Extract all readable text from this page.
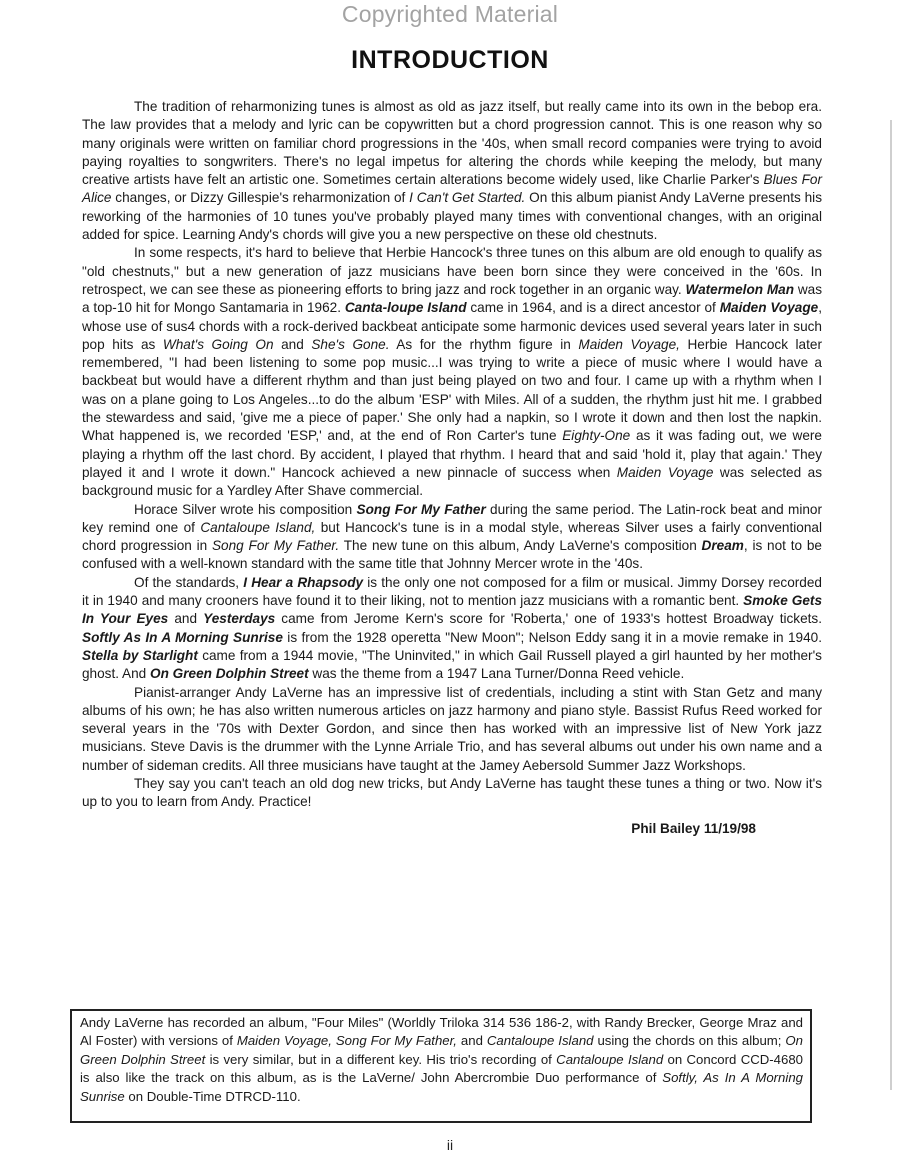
Copyrighted Material
INTRODUCTION

The tradition of reharmonizing tunes is almost as old as jazz itself, but really came into its own in the bebop era. The law provides that a melody and lyric can be copywritten but a chord progression cannot. This is one reason why so many originals were written on familiar chord progressions in the '40s, when small record companies were trying to avoid paying royalties to songwriters. There's no legal impetus for altering the chords while keeping the melody, but many creative artists have felt an artistic one. Sometimes certain alterations become widely used, like Charlie Parker's Blues For Alice changes, or Dizzy Gillespie's reharmonization of I Can't Get Started. On this album pianist Andy LaVerne presents his reworking of the harmonies of 10 tunes you've probably played many times with conventional changes, with an original added for spice. Learning Andy's chords will give you a new perspective on these old chestnuts.

In some respects, it's hard to believe that Herbie Hancock's three tunes on this album are old enough to qualify as "old chestnuts," but a new generation of jazz musicians have been born since they were conceived in the '60s. In retrospect, we can see these as pioneering efforts to bring jazz and rock together in an organic way. Watermelon Man was a top-10 hit for Mongo Santamaria in 1962. Canta-loupe Island came in 1964, and is a direct ancestor of Maiden Voyage, whose use of sus4 chords with a rock-derived backbeat anticipate some harmonic devices used several years later in such pop hits as What's Going On and She's Gone. As for the rhythm figure in Maiden Voyage, Herbie Hancock later remembered, "I had been listening to some pop music...I was trying to write a piece of music where I would have a backbeat but would have a different rhythm and than just being played on two and four. I came up with a rhythm when I was on a plane going to Los Angeles...to do the album 'ESP' with Miles. All of a sudden, the rhythm just hit me. I grabbed the stewardess and said, 'give me a piece of paper.' She only had a napkin, so I wrote it down and then lost the napkin. What happened is, we recorded 'ESP,' and, at the end of Ron Carter's tune Eighty-One as it was fading out, we were playing a rhythm off the last chord. By accident, I played that rhythm. I heard that and said 'hold it, play that again.' They played it and I wrote it down." Hancock achieved a new pinnacle of success when Maiden Voyage was selected as background music for a Yardley After Shave commercial.

Horace Silver wrote his composition Song For My Father during the same period. The Latin-rock beat and minor key remind one of Cantaloupe Island, but Hancock's tune is in a modal style, whereas Silver uses a fairly conventional chord progression in Song For My Father. The new tune on this album, Andy LaVerne's composition Dream, is not to be confused with a well-known standard with the same title that Johnny Mercer wrote in the '40s.

Of the standards, I Hear a Rhapsody is the only one not composed for a film or musical. Jimmy Dorsey recorded it in 1940 and many crooners have found it to their liking, not to mention jazz musicians with a romantic bent. Smoke Gets In Your Eyes and Yesterdays came from Jerome Kern's score for 'Roberta,' one of 1933's hottest Broadway tickets. Softly As In A Morning Sunrise is from the 1928 operetta "New Moon"; Nelson Eddy sang it in a movie remake in 1940. Stella by Starlight came from a 1944 movie, "The Uninvited," in which Gail Russell played a girl haunted by her mother's ghost. And On Green Dolphin Street was the theme from a 1947 Lana Turner/Donna Reed vehicle.

Pianist-arranger Andy LaVerne has an impressive list of credentials, including a stint with Stan Getz and many albums of his own; he has also written numerous articles on jazz harmony and piano style. Bassist Rufus Reed worked for several years in the '70s with Dexter Gordon, and since then has worked with an impressive list of New York jazz musicians. Steve Davis is the drummer with the Lynne Arriale Trio, and has several albums out under his own name and a number of sideman credits. All three musicians have taught at the Jamey Aebersold Summer Jazz Workshops.

They say you can't teach an old dog new tricks, but Andy LaVerne has taught these tunes a thing or two. Now it's up to you to learn from Andy. Practice!

Phil Bailey 11/19/98
Andy LaVerne has recorded an album, "Four Miles" (Worldly Triloka 314 536 186-2, with Randy Brecker, George Mraz and Al Foster) with versions of Maiden Voyage, Song For My Father, and Cantaloupe Island using the chords on this album; On Green Dolphin Street is very similar, but in a different key. His trio's recording of Cantaloupe Island on Concord CCD-4680 is also like the track on this album, as is the LaVerne/ John Abercrombie Duo performance of Softly, As In A Morning Sunrise on Double-Time DTRCD-110.
ii
